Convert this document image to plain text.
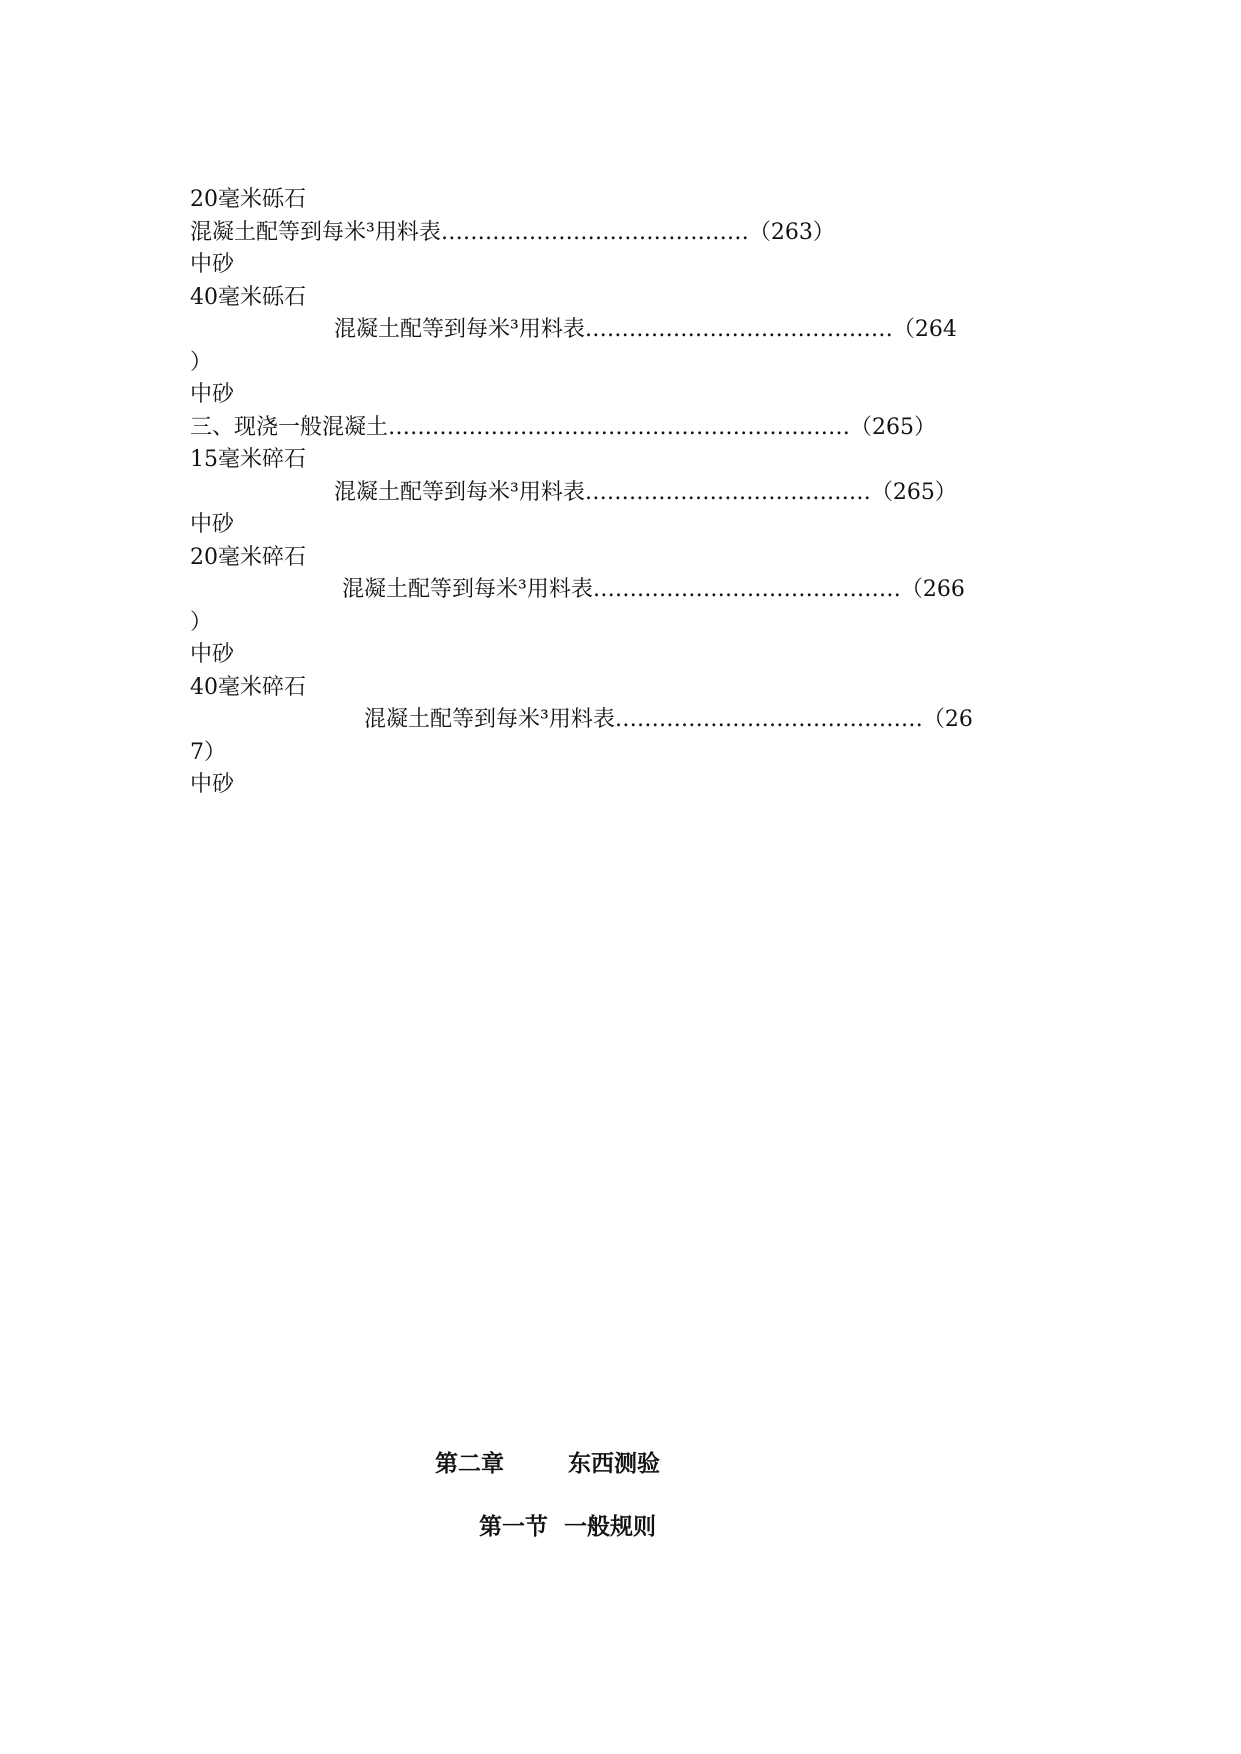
20毫米砾石
混凝土配等到每米³用料表……………………………………（263）
中砂
40毫米砾石
混凝土配等到每米³用料表……………………………………（264
）
中砂
三、现浇一般混凝土………………………………………………………（265）
15毫米碎石
混凝土配等到每米³用料表…………………………………（265）
中砂
20毫米碎石
混凝土配等到每米³用料表……………………………………（266
）
中砂
40毫米碎石
混凝土配等到每米³用料表……………………………………（26
7）
中砂
第二章        东西测验
第一节  一般规则
